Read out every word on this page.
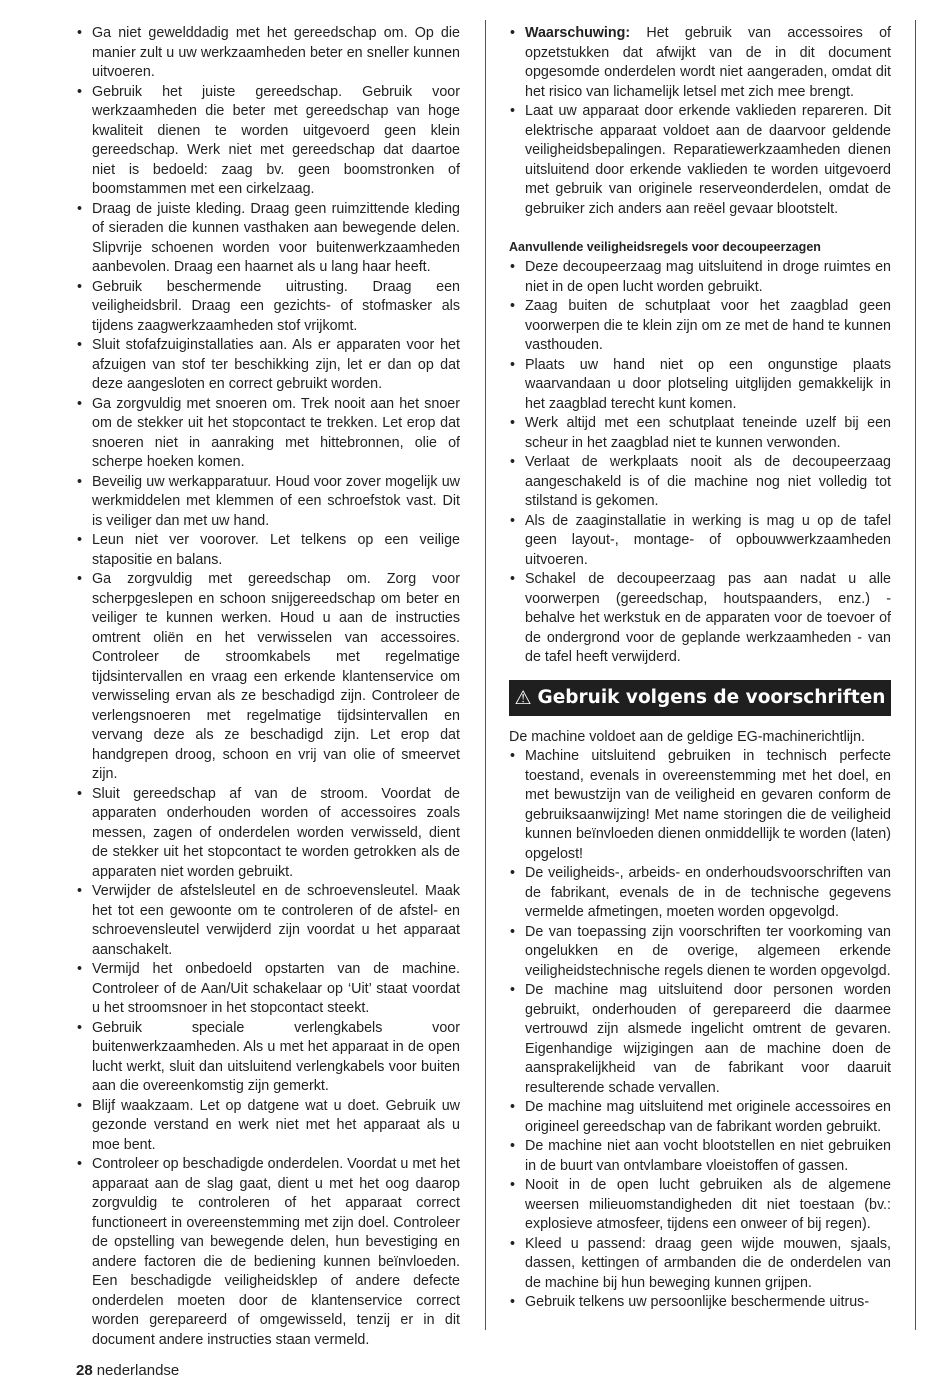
• Ga niet gewelddadig met het gereedschap om. Op die manier zult u uw werkzaamheden beter en sneller kunnen uitvoeren.
• Gebruik het juiste gereedschap. Gebruik voor werkzaamheden die beter met gereedschap van hoge kwaliteit dienen te worden uitgevoerd geen klein gereedschap. Werk niet met gereedschap dat daartoe niet is bedoeld: zaag bv. geen boomstronken of boomstammen met een cirkelzaag.
• Draag de juiste kleding. Draag geen ruimzittende kleding of sieraden die kunnen vasthaken aan bewegende delen. Slipvrije schoenen worden voor buitenwerkzaamheden aanbevolen. Draag een haarnet als u lang haar heeft.
• Gebruik beschermende uitrusting. Draag een veiligheidsbril. Draag een gezichts- of stofmasker als tijdens zaagwerkzaamheden stof vrijkomt.
• Sluit stofafzuiginstallaties aan. Als er apparaten voor het afzuigen van stof ter beschikking zijn, let er dan op dat deze aangesloten en correct gebruikt worden.
• Ga zorgvuldig met snoeren om. Trek nooit aan het snoer om de stekker uit het stopcontact te trekken. Let erop dat snoeren niet in aanraking met hittebronnen, olie of scherpe hoeken komen.
• Beveilig uw werkapparatuur. Houd voor zover mogelijk uw werkmiddelen met klemmen of een schroefstok vast. Dit is veiliger dan met uw hand.
• Leun niet ver voorover. Let telkens op een veilige stapositie en balans.
• Ga zorgvuldig met gereedschap om. Zorg voor scherpgeslepen en schoon snijgereedschap om beter en veiliger te kunnen werken. Houd u aan de instructies omtrent oliën en het verwisselen van accessoires. Controleer de stroomkabels met regelmatige tijdsintervallen en vraag een erkende klantenservice om verwisseling ervan als ze beschadigd zijn. Controleer de verlengsnoeren met regelmatige tijdsintervallen en vervang deze als ze beschadigd zijn. Let erop dat handgrepen droog, schoon en vrij van olie of smeervet zijn.
• Sluit gereedschap af van de stroom. Voordat de apparaten onderhouden worden of accessoires zoals messen, zagen of onderdelen worden verwisseld, dient de stekker uit het stopcontact te worden getrokken als de apparaten niet worden gebruikt.
• Verwijder de afstelsleutel en de schroevensleutel. Maak het tot een gewoonte om te controleren of de afstel- en schroevensleutel verwijderd zijn voordat u het apparaat aanschakelt.
• Vermijd het onbedoeld opstarten van de machine. Controleer of de Aan/Uit schakelaar op ‘Uit’ staat voordat u het stroomsnoer in het stopcontact steekt.
• Gebruik speciale verlengkabels voor buitenwerkzaamheden. Als u met het apparaat in de open lucht werkt, sluit dan uitsluitend verlengkabels voor buiten aan die overeenkomstig zijn gemerkt.
• Blijf waakzaam. Let op datgene wat u doet. Gebruik uw gezonde verstand en werk niet met het apparaat als u moe bent.
• Controleer op beschadigde onderdelen. Voordat u met het apparaat aan de slag gaat, dient u met het oog daarop zorgvuldig te controleren of het apparaat correct functioneert in overeenstemming met zijn doel. Controleer de opstelling van bewegende delen, hun bevestiging en andere factoren die de bediening kunnen beïnvloeden. Een beschadigde veiligheidsklep of andere defecte onderdelen moeten door de klantenservice correct worden gerepareerd of omgewisseld, tenzij er in dit document andere instructies staan vermeld.
• Waarschuwing: Het gebruik van accessoires of opzetstukken dat afwijkt van de in dit document opgesomde onderdelen wordt niet aangeraden, omdat dit het risico van lichamelijk letsel met zich mee brengt.
• Laat uw apparaat door erkende vaklieden repareren. Dit elektrische apparaat voldoet aan de daarvoor geldende veiligheidsbepalingen. Reparatiewerkzaamheden dienen uitsluitend door erkende vaklieden te worden uitgevoerd met gebruik van originele reserveonderdelen, omdat de gebruiker zich anders aan reëel gevaar blootstelt.
Aanvullende veiligheidsregels voor decoupeerzagen
• Deze decoupeerzaag mag uitsluitend in droge ruimtes en niet in de open lucht worden gebruikt.
• Zaag buiten de schutplaat voor het zaagblad geen voorwerpen die te klein zijn om ze met de hand te kunnen vasthouden.
• Plaats uw hand niet op een ongunstige plaats waarvandaan u door plotseling uitglijden gemakkelijk in het zaagblad terecht kunt komen.
• Werk altijd met een schutplaat teneinde uzelf bij een scheur in het zaagblad niet te kunnen verwonden.
• Verlaat de werkplaats nooit als de decoupeerzaag aangeschakeld is of die machine nog niet volledig tot stilstand is gekomen.
• Als de zaaginstallatie in werking is mag u op de tafel geen layout-, montage- of opbouwwerkzaamheden uitvoeren.
• Schakel de decoupeerzaag pas aan nadat u alle voorwerpen (gereedschap, houtspaanders, enz.) - behalve het werkstuk en de apparaten voor de toevoer of de ondergrond voor de geplande werkzaamheden - van de tafel heeft verwijderd.
⚠ Gebruik volgens de voorschriften

De machine voldoet aan de geldige EG-machinerichtlijn.

• Machine uitsluitend gebruiken in technisch perfecte toestand, evenals in overeenstemming met het doel, en met bewustzijn van de veiligheid en gevaren conform de gebruiksaanwijzing! Met name storingen die de veiligheid kunnen beïnvloeden dienen onmiddellijk te worden (laten) opgelost!
• De veiligheids-, arbeids- en onderhoudsvoorschriften van de fabrikant, evenals de in de technische gegevens vermelde afmetingen, moeten worden opgevolgd.
• De van toepassing zijn voorschriften ter voorkoming van ongelukken en de overige, algemeen erkende veiligheidstechnische regels dienen te worden opgevolgd.
• De machine mag uitsluitend door personen worden gebruikt, onderhouden of gerepareerd die daarmee vertrouwd zijn alsmede ingelicht omtrent de gevaren. Eigenhandige wijzigingen aan de machine doen de aansprakelijkheid van de fabrikant voor daaruit resulterende schade vervallen.
• De machine mag uitsluitend met originele accessoires en origineel gereedschap van de fabrikant worden gebruikt.
• De machine niet aan vocht blootstellen en niet gebruiken in de buurt van ontvlambare vloeistoffen of gassen.
• Nooit in de open lucht gebruiken als de algemene weersen milieuomstandigheden dit niet toestaan (bv.: explosieve atmosfeer, tijdens een onweer of bij regen).
• Kleed u passend: draag geen wijde mouwen, sjaals, dassen, kettingen of armbanden die de onderdelen van de machine bij hun beweging kunnen grijpen.
• Gebruik telkens uw persoonlijke beschermende uitrus-
28 nederlandse
